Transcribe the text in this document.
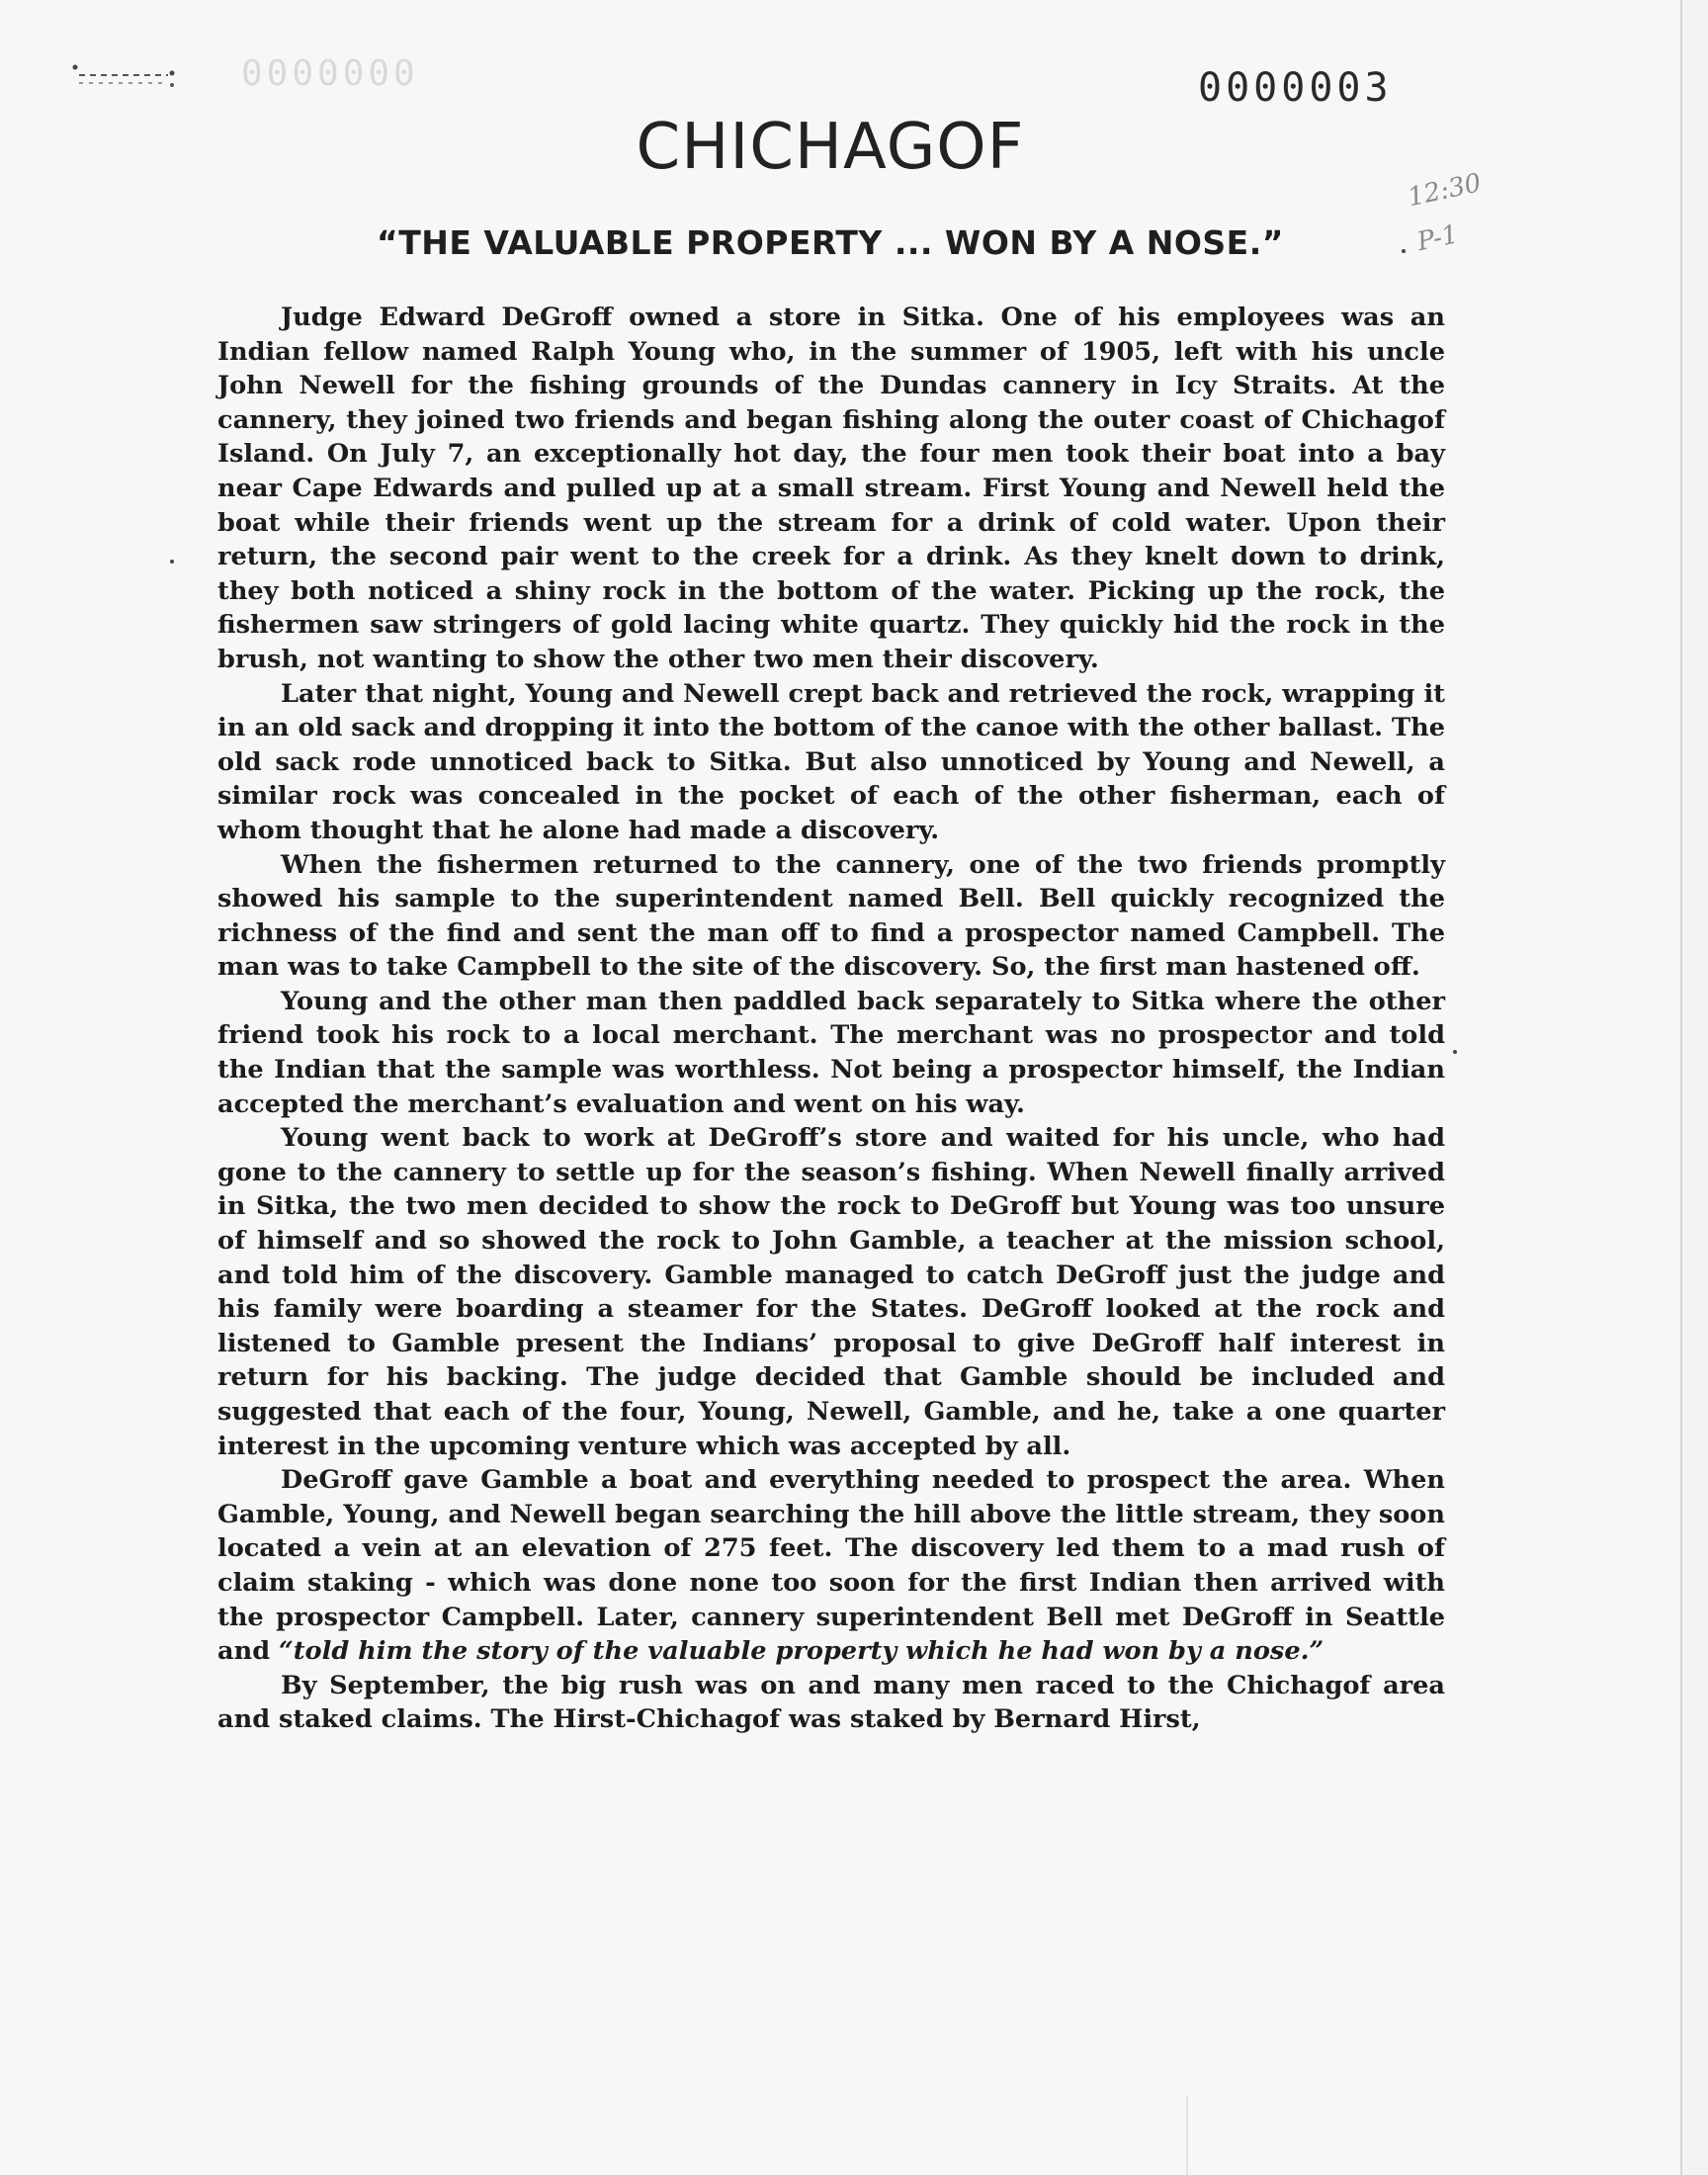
0000000	0000003
12:30
P-1
CHICHAGOF
“THE VALUABLE PROPERTY ... WON BY A NOSE.”

Judge Edward DeGroff owned a store in Sitka. One of his employees was an Indian fellow named Ralph Young who, in the summer of 1905, left with his uncle John Newell for the fishing grounds of the Dundas cannery in Icy Straits. At the cannery, they joined two friends and began fishing along the outer coast of Chichagof Island. On July 7, an exceptionally hot day, the four men took their boat into a bay near Cape Edwards and pulled up at a small stream. First Young and Newell held the boat while their friends went up the stream for a drink of cold water. Upon their return, the second pair went to the creek for a drink. As they knelt down to drink, they both noticed a shiny rock in the bottom of the water. Picking up the rock, the fishermen saw stringers of gold lacing white quartz. They quickly hid the rock in the brush, not wanting to show the other two men their discovery.

Later that night, Young and Newell crept back and retrieved the rock, wrapping it in an old sack and dropping it into the bottom of the canoe with the other ballast. The old sack rode unnoticed back to Sitka. But also unnoticed by Young and Newell, a similar rock was concealed in the pocket of each of the other fisherman, each of whom thought that he alone had made a discovery.

When the fishermen returned to the cannery, one of the two friends promptly showed his sample to the superintendent named Bell. Bell quickly recognized the richness of the find and sent the man off to find a prospector named Campbell. The man was to take Campbell to the site of the discovery. So, the first man hastened off.

Young and the other man then paddled back separately to Sitka where the other friend took his rock to a local merchant. The merchant was no prospector and told the Indian that the sample was worthless. Not being a prospector himself, the Indian accepted the merchant’s evaluation and went on his way.

Young went back to work at DeGroff’s store and waited for his uncle, who had gone to the cannery to settle up for the season’s fishing. When Newell finally arrived in Sitka, the two men decided to show the rock to DeGroff but Young was too unsure of himself and so showed the rock to John Gamble, a teacher at the mission school, and told him of the discovery. Gamble managed to catch DeGroff just the judge and his family were boarding a steamer for the States. DeGroff looked at the rock and listened to Gamble present the Indians’ proposal to give DeGroff half interest in return for his backing. The judge decided that Gamble should be included and suggested that each of the four, Young, Newell, Gamble, and he, take a one quarter interest in the upcoming venture which was accepted by all.

DeGroff gave Gamble a boat and everything needed to prospect the area. When Gamble, Young, and Newell began searching the hill above the little stream, they soon located a vein at an elevation of 275 feet. The discovery led them to a mad rush of claim staking - which was done none too soon for the first Indian then arrived with the prospector Campbell. Later, cannery superintendent Bell met DeGroff in Seattle and “told him the story of the valuable property which he had won by a nose.”

By September, the big rush was on and many men raced to the Chichagof area and staked claims. The Hirst-Chichagof was staked by Bernard Hirst,
